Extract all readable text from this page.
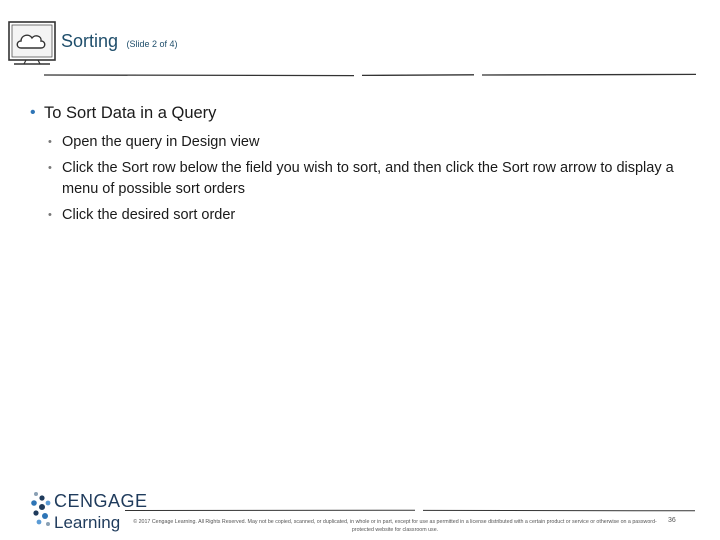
Sorting (Slide 2 of 4)
• To Sort Data in a Query
• Open the query in Design view
• Click the Sort row below the field you wish to sort, and then click the Sort row arrow to display a menu of possible sort orders
• Click the desired sort order
CENGAGE
Learning	© 2017 Cengage Learning. All Rights Reserved. May not be copied, scanned, or duplicated, in whole or in part, except for use as permitted in a license distributed with a certain product or service or otherwise on a password-protected website for classroom use.
36
